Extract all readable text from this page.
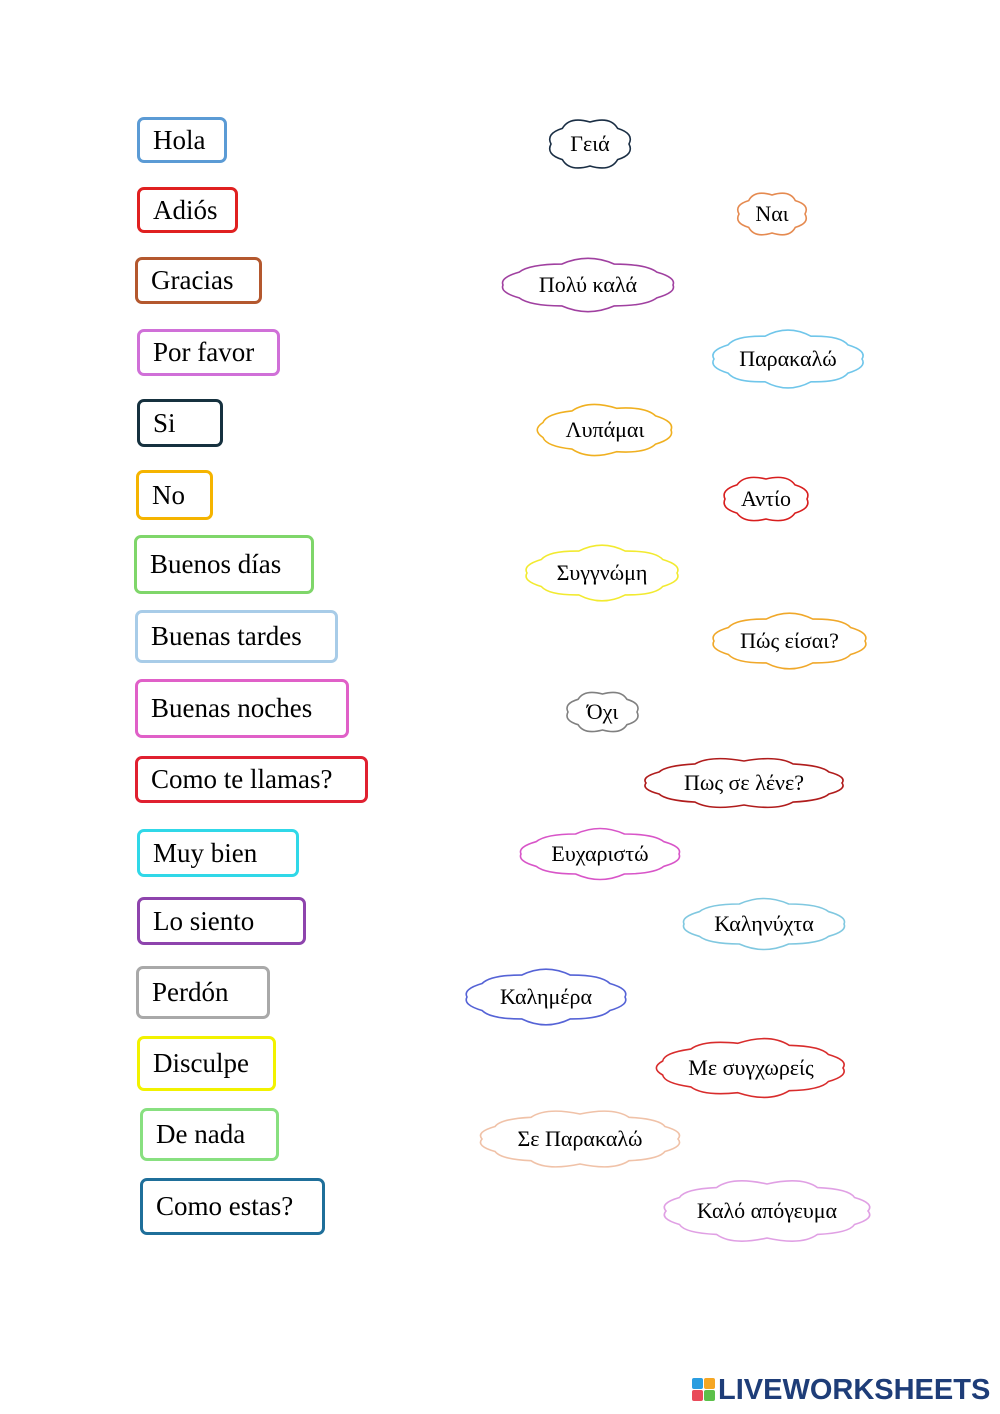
Hola
Adiós
Gracias
Por favor
Si
No
Buenos días
Buenas tardes
Buenas noches
Como te llamas?
Muy bien
Lo siento
Perdón
Disculpe
De nada
Como estas?
Γειά
Ναι
Πολύ καλά
Παρακαλώ
Λυπάμαι
Αντίο
Συγγνώμη
Πώς είσαι?
Όχι
Πως σε λένε?
Ευχαριστώ
Καληνύχτα
Καλημέρα
Με συγχωρείς
Σε Παρακαλώ
Καλό απόγευμα
LIVEWORKSHEETS
